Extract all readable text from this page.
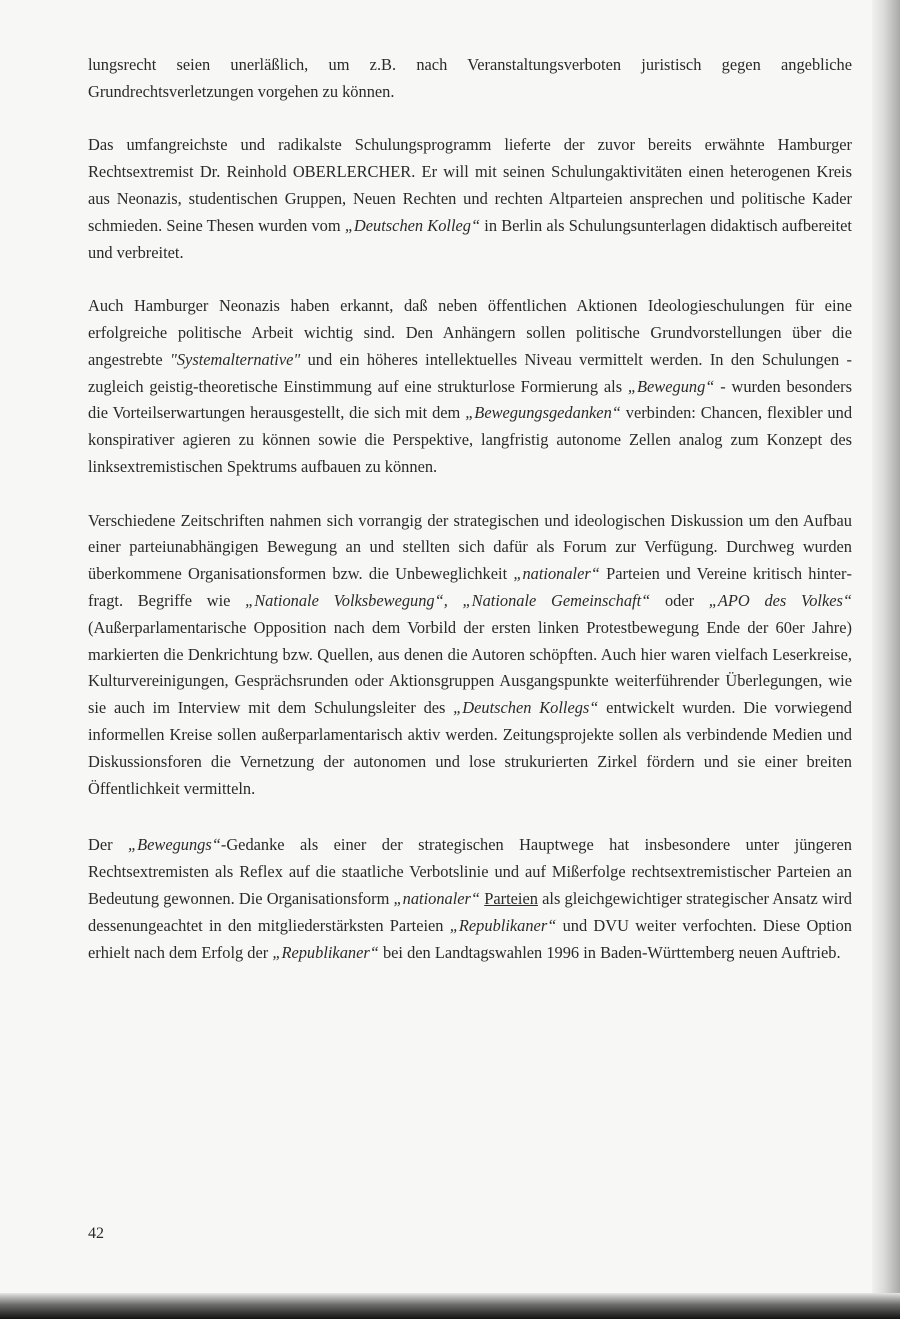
lungsrecht seien unerläßlich, um z.B. nach Veranstaltungsverboten juristisch gegen angebliche Grundrechtsverletzungen vorgehen zu können.

Das umfangreichste und radikalste Schulungsprogramm lieferte der zuvor bereits erwähnte Hamburger Rechtsextremist Dr. Reinhold OBERLERCHER. Er will mit seinen Schulungaktivitäten einen heterogenen Kreis aus Neonazis, studentischen Gruppen, Neuen Rechten und rechten Altparteien ansprechen und politische Kader schmieden. Seine Thesen wurden vom „Deutschen Kolleg“ in Berlin als Schulungsunterlagen didaktisch aufbereitet und verbreitet.

Auch Hamburger Neonazis haben erkannt, daß neben öffentlichen Aktionen Ideologieschulungen für eine erfolgreiche politische Arbeit wichtig sind. Den Anhängern sollen politische Grundvorstellungen über die angestrebte "Systemalternative" und ein höheres intellektuelles Niveau vermittelt werden. In den Schulungen - zugleich geistig-theoretische Einstimmung auf eine strukturlose Formierung als „Bewegung“ - wurden besonders die Vorteilserwartungen herausgestellt, die sich mit dem „Bewegungsgedanken“ verbinden: Chancen, flexibler und konspirativer agieren zu können sowie die Perspektive, langfristig autonome Zellen analog zum Konzept des linksextremistischen Spektrums aufbauen zu können.

Verschiedene Zeitschriften nahmen sich vorrangig der strategischen und ideologischen Diskussion um den Aufbau einer parteiunabhängigen Bewegung an und stellten sich dafür als Forum zur Verfügung. Durchweg wurden überkommene Organisationsformen bzw. die Unbeweglichkeit „nationaler“ Parteien und Vereine kritisch hinterfragt. Begriffe wie „Nationale Volksbewegung“, „Nationale Gemeinschaft“ oder „APO des Volkes“ (Außerparlamentarische Opposition nach dem Vorbild der ersten linken Protestbewegung Ende der 60er Jahre) markierten die Denkrichtung bzw. Quellen, aus denen die Autoren schöpften. Auch hier waren vielfach Leserkreise, Kulturvereinigungen, Gesprächsrunden oder Aktionsgruppen Ausgangspunkte weiterführender Überlegungen, wie sie auch im Interview mit dem Schulungsleiter des „Deutschen Kollegs“ entwickelt wurden. Die vorwiegend informellen Kreise sollen außerparlamentarisch aktiv werden. Zeitungsprojekte sollen als verbindende Medien und Diskussionsforen die Vernetzung der autonomen und lose strukurierten Zirkel fördern und sie einer breiten Öffentlichkeit vermitteln.

Der „Bewegungs“-Gedanke als einer der strategischen Hauptwege hat insbesondere unter jüngeren Rechtsextremisten als Reflex auf die staatliche Verbotslinie und auf Mißerfolge rechtsextremistischer Parteien an Bedeutung gewonnen. Die Organisationsform „nationaler“ Parteien als gleichgewichtiger strategischer Ansatz wird dessenungeachtet in den mitgliederstärksten Parteien „Republikaner“ und DVU weiter verfochten. Diese Option erhielt nach dem Erfolg der „Republikaner“ bei den Landtagswahlen 1996 in Baden-Württemberg neuen Auftrieb.

42
